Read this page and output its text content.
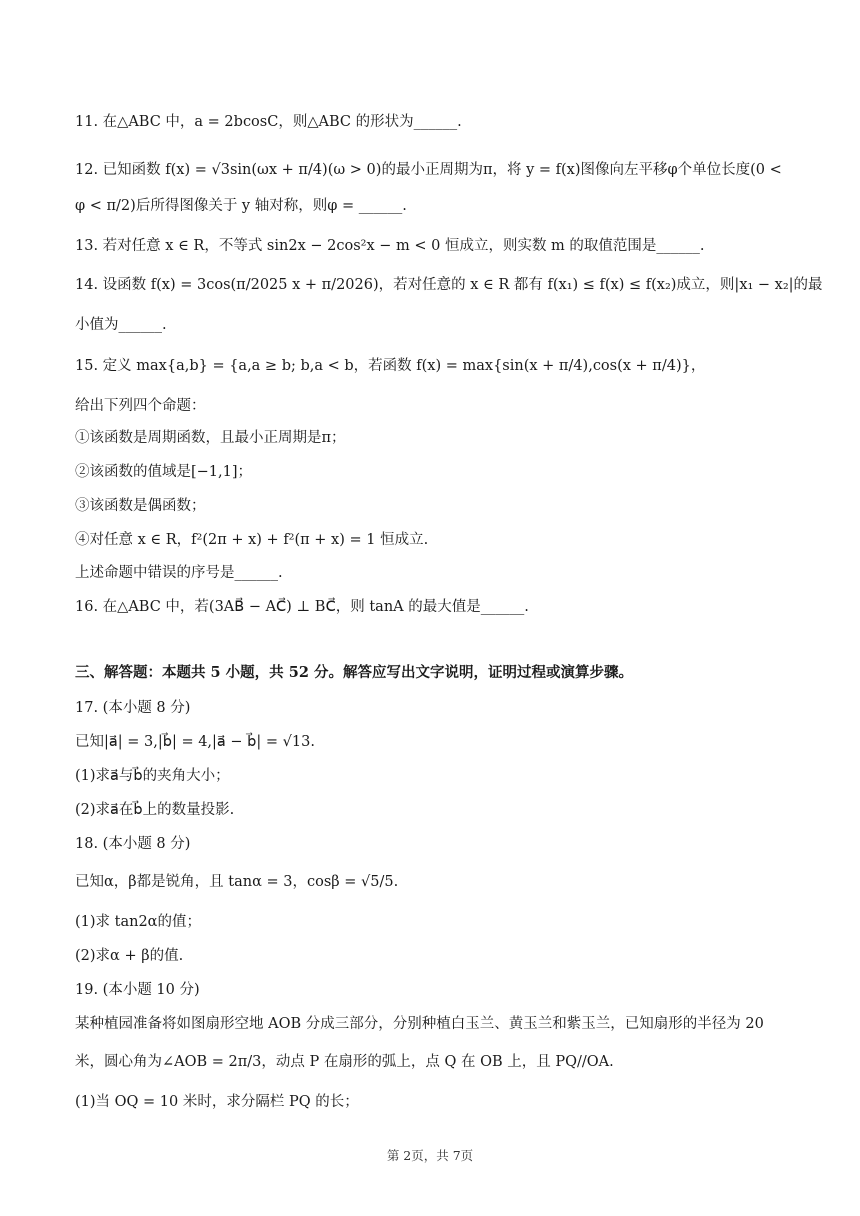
11. 在△ABC 中，a = 2bcosC，则△ABC 的形状为______.
12. 已知函数 f(x) = √3sin(ωx + π/4)(ω > 0)的最小正周期为π，将 y = f(x)图像向左平移φ个单位长度(0 <
φ < π/2)后所得图像关于 y 轴对称，则φ = ______.
13. 若对任意 x ∈ R，不等式 sin2x − 2cos²x − m < 0 恒成立，则实数 m 的取值范围是______.
14. 设函数 f(x) = 3cos(π/2025 x + π/2026)，若对任意的 x ∈ R 都有 f(x₁) ≤ f(x) ≤ f(x₂)成立，则|x₁ − x₂|的最
小值为______.
15. 定义 max{a,b} = {a,a ≥ b; b,a < b，若函数 f(x) = max{sin(x + π/4),cos(x + π/4)}，
给出下列四个命题：
①该函数是周期函数，且最小正周期是π；
②该函数的值域是[−1,1]；
③该函数是偶函数；
④对任意 x ∈ R，f²(2π + x) + f²(π + x) = 1 恒成立.
上述命题中错误的序号是______.
16. 在△ABC 中，若(3AB⃗ − AC⃗) ⊥ BC⃗，则 tanA 的最大值是______.
三、解答题：本题共 5 小题，共 52 分。解答应写出文字说明，证明过程或演算步骤。
17. (本小题 8 分)
已知|a⃗| = 3,|b⃗| = 4,|a⃗ − b⃗| = √13.
(1)求a⃗与b⃗的夹角大小；
(2)求a⃗在b⃗上的数量投影.
18. (本小题 8 分)
已知α，β都是锐角，且 tanα = 3，cosβ = √5/5.
(1)求 tan2α的值；
(2)求α + β的值.
19. (本小题 10 分)
某种植园准备将如图扇形空地 AOB 分成三部分，分别种植白玉兰、黄玉兰和紫玉兰，已知扇形的半径为 20
米，圆心角为∠AOB = 2π/3，动点 P 在扇形的弧上，点 Q 在 OB 上，且 PQ//OA.
(1)当 OQ = 10 米时，求分隔栏 PQ 的长；
第 2页，共 7页
